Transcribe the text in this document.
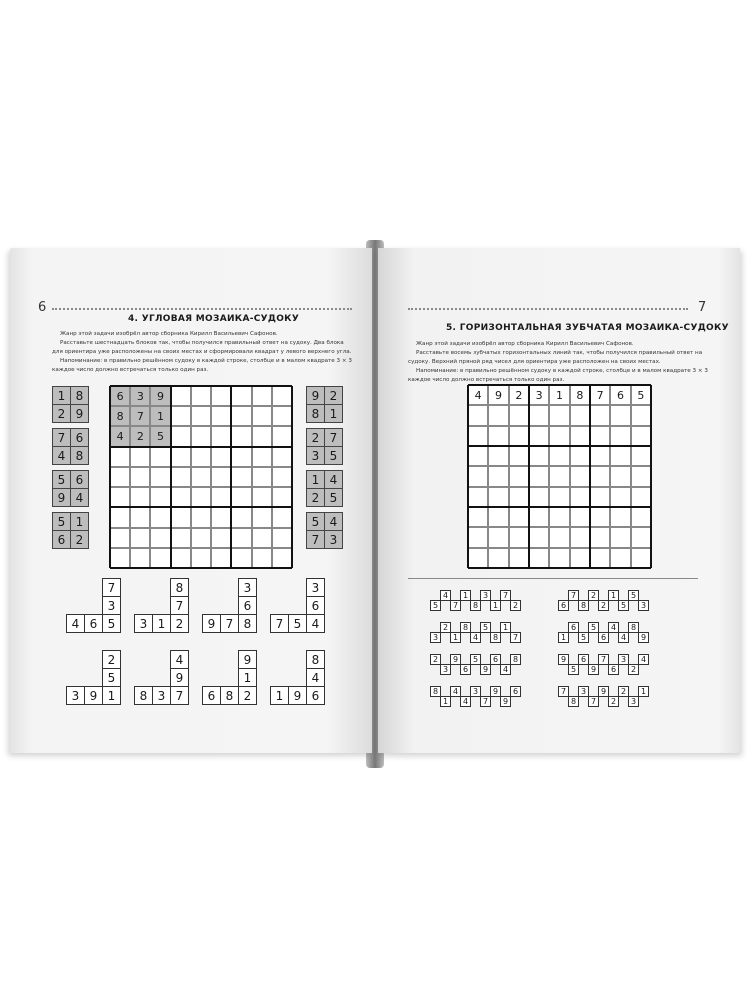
6
4. УГЛОВАЯ МОЗАИКА-СУДОКУ

Жанр этой задачи изобрёл автор сборника Кирилл Васильевич Сафонов.

Расставьте шестнадцать блоков так, чтобы получился правильный ответ на судоку. Два блока для ориентира уже расположены на своих местах и сформировали квадрат у левого верхнего угла.

Напоминание: в правильно решённом судоку в каждой строке, столбце и в малом квадрате 3 × 3 каждое число должно встречаться только один раз.

1 8
2 9
7 6
4 8
5 6
9 4
5 1
6 2
9 2
8 1
2 7
3 5
1 4
2 5
5 4
7 3
6	3	9
8	7	1
4	2	5
7
3
4 6 5
8
7
3 1 2
3
6
9 7 8
3
6
7 5 4
2
5
3 9 1
4
9
8 3 7
9
1
6 8 2
8
4
1 9 6
7
5. ГОРИЗОНТАЛЬНАЯ ЗУБЧАТАЯ МОЗАИКА-СУДОКУ

Жанр этой задачи изобрёл автор сборника Кирилл Васильевич Сафонов.

Расставьте восемь зубчатых горизонтальных линий так, чтобы получился правильный ответ на судоку. Верхний пряной ряд чисел для ориентира уже расположен на своих местах.

Напоминание: в правильно решённом судоку в каждой строке, столбце и в малом квадрате 3 × 3 каждое число должно встречаться только один раз.

4	9	2	3	1	8	7	6	5
5
4
7
1
8
3
1
7
2	6
7
8
2
2
1
5
5
3
3
2
1
8
4
5
8
1
7	1
6
5
5
6
4
4
8
9
2
3
9
6
5
9
6
4
8	9
5
6
9
7
6
3
2
4
8
1
4
4
3
7
9
9
6	7
8
3
7
9
2
2
3
1
